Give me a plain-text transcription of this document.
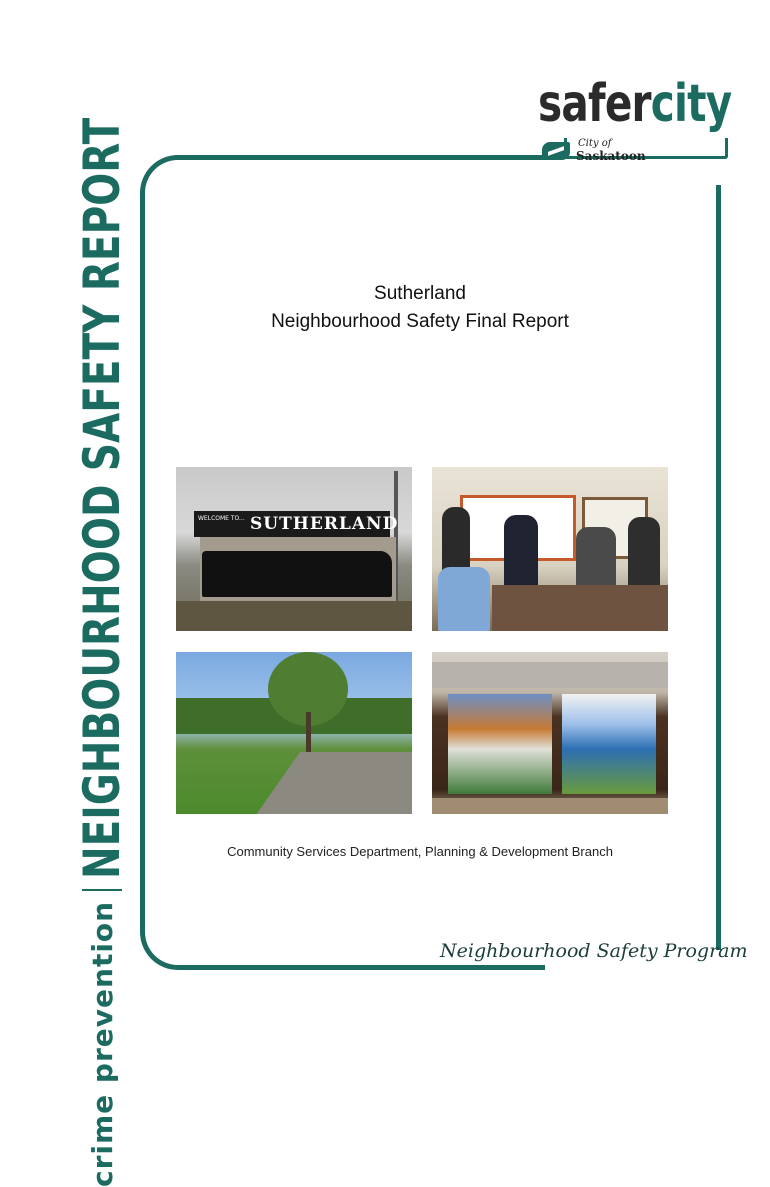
crime prevention
NEIGHBOURHOOD SAFETY REPORT
safercity
City of
Saskatoon
Sutherland
Neighbourhood Safety Final Report
WELCOME TO... SUTHERLAND
Community Services Department, Planning & Development Branch
Neighbourhood Safety Program
